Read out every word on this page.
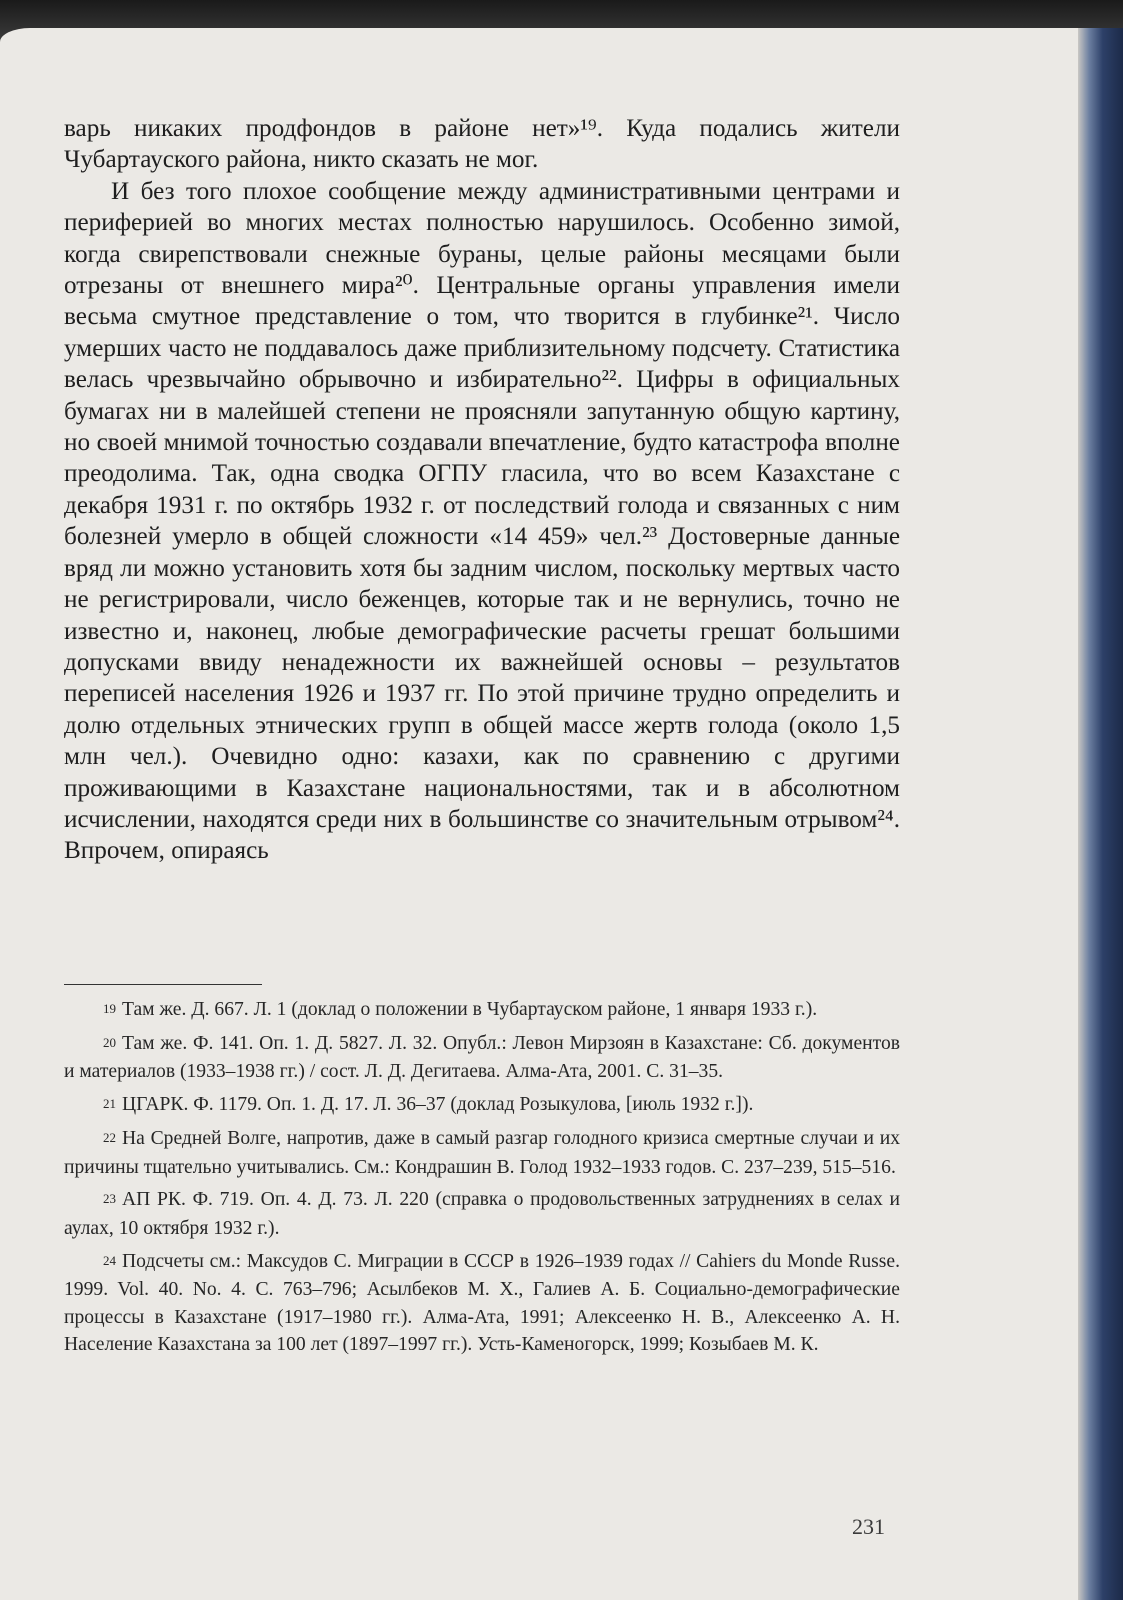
варь никаких продфондов в районе нет»¹⁹. Куда подались жители Чубартауского района, никто сказать не мог.

И без того плохое сообщение между административными центрами и периферией во многих местах полностью нарушилось. Особенно зимой, когда свирепствовали снежные бураны, целые районы месяцами были отрезаны от внешнего мира²⁰. Центральные органы управления имели весьма смутное представление о том, что творится в глубинке²¹. Число умерших часто не поддавалось даже приблизительному подсчету. Статистика велась чрезвычайно обрывочно и избирательно²². Цифры в официальных бумагах ни в малейшей степени не проясняли запутанную общую картину, но своей мнимой точностью создавали впечатление, будто катастрофа вполне преодолима. Так, одна сводка ОГПУ гласила, что во всем Казахстане с декабря 1931 г. по октябрь 1932 г. от последствий голода и связанных с ним болезней умерло в общей сложности «14 459» чел.²³ Достоверные данные вряд ли можно установить хотя бы задним числом, поскольку мертвых часто не регистрировали, число беженцев, которые так и не вернулись, точно не известно и, наконец, любые демографические расчеты грешат большими допусками ввиду ненадежности их важнейшей основы – результатов переписей населения 1926 и 1937 гг. По этой причине трудно определить и долю отдельных этнических групп в общей массе жертв голода (около 1,5 млн чел.). Очевидно одно: казахи, как по сравнению с другими проживающими в Казахстане национальностями, так и в абсолютном исчислении, находятся среди них в большинстве со значительным отрывом²⁴. Впрочем, опираясь

$^{19}$ Там же. Д. 667. Л. 1 (доклад о положении в Чубартауском районе, 1 января 1933 г.).

$^{20}$ Там же. Ф. 141. Оп. 1. Д. 5827. Л. 32. Опубл.: Левон Мирзоян в Казахстане: Сб. документов и материалов (1933–1938 гг.) / сост. Л. Д. Дегитаева. Алма-Ата, 2001. С. 31–35.

$^{21}$ ЦГАРК. Ф. 1179. Оп. 1. Д. 17. Л. 36–37 (доклад Розыкулова, [июль 1932 г.]).

$^{22}$ На Средней Волге, напротив, даже в самый разгар голодного кризиса смертные случаи и их причины тщательно учитывались. См.: Кондрашин В. Голод 1932–1933 годов. С. 237–239, 515–516.

$^{23}$ АП РК. Ф. 719. Оп. 4. Д. 73. Л. 220 (справка о продовольственных затруднениях в селах и аулах, 10 октября 1932 г.).

$^{24}$ Подсчеты см.: Максудов С. Миграции в СССР в 1926–1939 годах // Cahiers du Monde Russe. 1999. Vol. 40. No. 4. С. 763–796; Асылбеков М. Х., Галиев А. Б. Социально-демографические процессы в Казахстане (1917–1980 гг.). Алма-Ата, 1991; Алексеенко Н. В., Алексеенко А. Н. Население Казахстана за 100 лет (1897–1997 гг.). Усть-Каменогорск, 1999; Козыбаев М. К.

231
